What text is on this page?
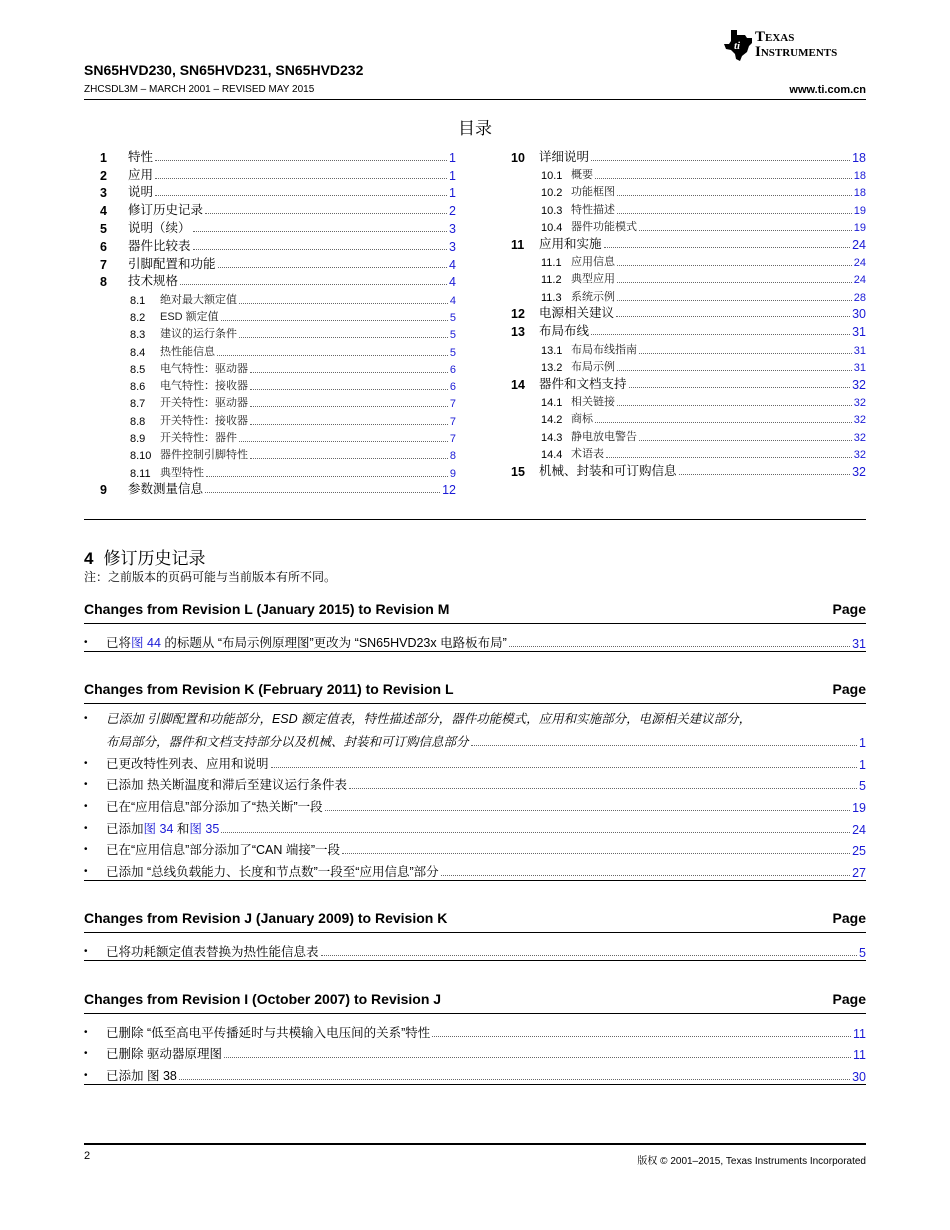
ti
Texas
Instruments
SN65HVD230, SN65HVD231, SN65HVD232
ZHCSDL3M – MARCH 2001 – REVISED MAY 2015	www.ti.com.cn
目录
1	特性	1
2	应用	1
3	说明	1
4	修订历史记录	2
5	说明（续）	3
6	器件比较表	3
7	引脚配置和功能	4
8	技术规格	4
8.1	绝对最大额定值	4
8.2	ESD 额定值	5
8.3	建议的运行条件	5
8.4	热性能信息	5
8.5	电气特性：驱动器	6
8.6	电气特性：接收器	6
8.7	开关特性：驱动器	7
8.8	开关特性：接收器	7
8.9	开关特性：器件	7
8.10 器件控制引脚特性	8
8.11 典型特性	9
9	参数测量信息	12
10	详细说明	18
10.1 概要	18
10.2 功能框图	18
10.3 特性描述	19
10.4 器件功能模式	19
11	应用和实施	24
11.1 应用信息	24
11.2 典型应用	24
11.3 系统示例	28
12	电源相关建议	30
13	布局布线	31
13.1 布局布线指南	31
13.2 布局示例	31
14	器件和文档支持	32
14.1 相关链接	32
14.2 商标	32
14.3 静电放电警告	32
14.4 术语表	32
15	机械、封装和可订购信息	32
4 修订历史记录
注：之前版本的页码可能与当前版本有所不同。
Changes from Revision L (January 2015) to Revision M	Page
•	已将图 44 的标题从 “布局示例原理图”更改为 “SN65HVD23x 电路板布局”	31
Changes from Revision K (February 2011) to Revision L	Page
•	已添加 引脚配置和功能部分，ESD 额定值表，特性描述部分，器件功能模式，应用和实施部分，电源相关建议部分，
布局部分，器件和文档支持部分以及机械、封装和可订购信息部分	1
•	已更改特性列表、应用和说明	1
•	已添加 热关断温度和滞后至建议运行条件表	5
•	已在“应用信息”部分添加了“热关断”一段	19
•	已添加图 34 和图 35	24
•	已在“应用信息”部分添加了“CAN 端接”一段	25
•	已添加 “总线负载能力、长度和节点数”一段至“应用信息”部分	27
Changes from Revision J (January 2009) to Revision K	Page
•	已将功耗额定值表替换为热性能信息表	5
Changes from Revision I (October 2007) to Revision J	Page
•	已删除 “低至高电平传播延时与共模输入电压间的关系”特性	11
•	已删除 驱动器原理图	11
•	已添加 图 38	30
2	版权 © 2001–2015, Texas Instruments Incorporated
